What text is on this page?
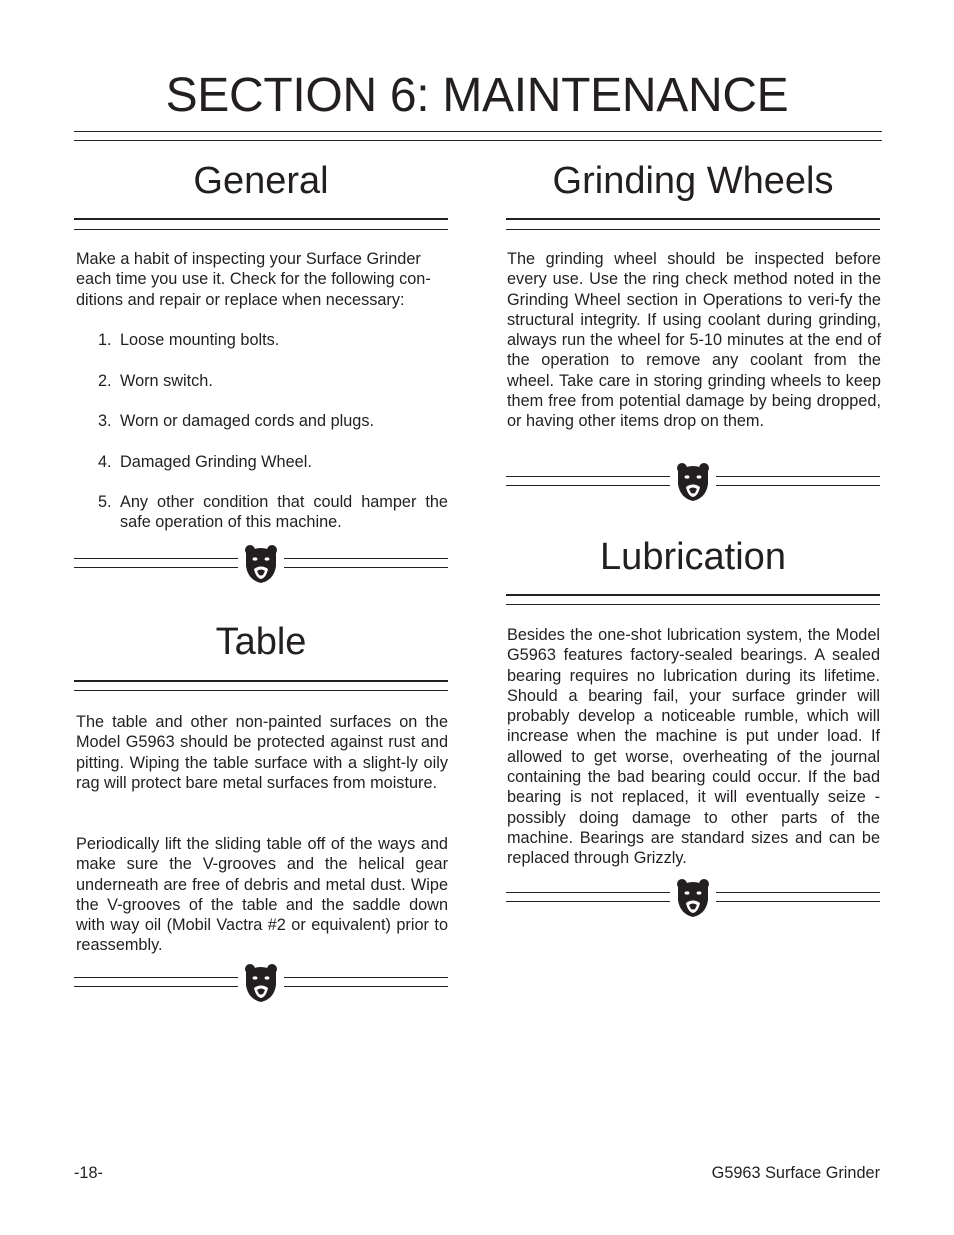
SECTION 6: MAINTENANCE
General

Make a habit of inspecting your Surface Grinder each time you use it. Check for the following con-ditions and repair or replace when necessary:

1. Loose mounting bolts.
2. Worn switch.
3. Worn or damaged cords and plugs.
4. Damaged Grinding Wheel.
5. Any other condition that could hamper the safe operation of this machine.
Table

The table and other non-painted surfaces on the Model G5963 should be protected against rust and pitting. Wiping the table surface with a slight-ly oily rag will protect bare metal surfaces from moisture.

Periodically lift the sliding table off of the ways and make sure the V-grooves and the helical gear underneath are free of debris and metal dust. Wipe the V-grooves of the table and the saddle down with way oil (Mobil Vactra #2 or equivalent) prior to reassembly.

Grinding Wheels

The grinding wheel should be inspected before every use. Use the ring check method noted in the Grinding Wheel section in Operations to veri-fy the structural integrity. If using coolant during grinding, always run the wheel for 5-10 minutes at the end of the operation to remove any coolant from the wheel. Take care in storing grinding wheels to keep them free from potential damage by being dropped, or having other items drop on them.

Lubrication

Besides the one-shot lubrication system, the Model G5963 features factory-sealed bearings. A sealed bearing requires no lubrication during its lifetime. Should a bearing fail, your surface grinder will probably develop a noticeable rumble, which will increase when the machine is put under load. If allowed to get worse, overheating of the journal containing the bad bearing could occur. If the bad bearing is not replaced, it will eventually seize - possibly doing damage to other parts of the machine. Bearings are standard sizes and can be replaced through Grizzly.

-18-	G5963 Surface Grinder
